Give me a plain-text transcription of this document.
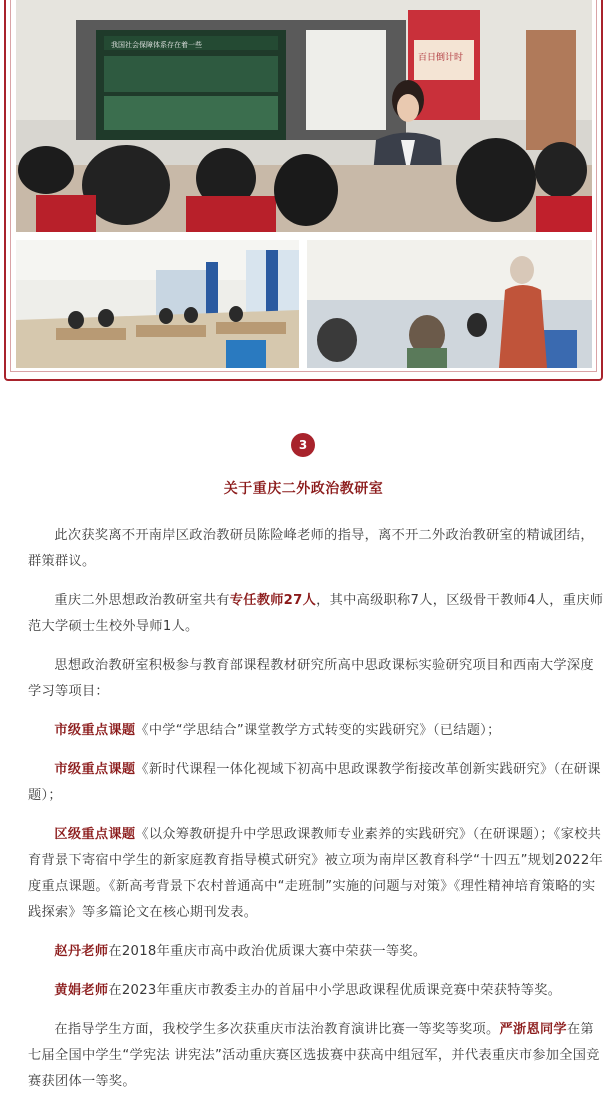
我国社会保障体系存在着一些
百日倒计时
3
关于重庆二外政治教研室

此次获奖离不开南岸区政治教研员陈险峰老师的指导，离不开二外政治教研室的精诚团结，群策群议。

重庆二外思想政治教研室共有专任教师27人，其中高级职称7人，区级骨干教师4人，重庆师范大学硕士生校外导师1人。

思想政治教研室积极参与教育部课程教材研究所高中思政课标实验研究项目和西南大学深度学习等项目：

市级重点课题《中学“学思结合”课堂教学方式转变的实践研究》（已结题）；

市级重点课题《新时代课程一体化视域下初高中思政课教学衔接改革创新实践研究》（在研课题）；

区级重点课题《以众筹教研提升中学思政课教师专业素养的实践研究》（在研课题）；《家校共育背景下寄宿中学生的新家庭教育指导模式研究》被立项为南岸区教育科学“十四五”规划2022年度重点课题。《新高考背景下农村普通高中“走班制”实施的问题与对策》《理性精神培育策略的实践探索》等多篇论文在核心期刊发表。

赵丹老师在2018年重庆市高中政治优质课大赛中荣获一等奖。

黄娟老师在2023年重庆市教委主办的首届中小学思政课程优质课竞赛中荣获特等奖。

在指导学生方面，我校学生多次获重庆市法治教育演讲比赛一等奖等奖项。严浙恩同学在第七届全国中学生“学宪法 讲宪法”活动重庆赛区选拔赛中获高中组冠军，并代表重庆市参加全国竞赛获团体一等奖。
